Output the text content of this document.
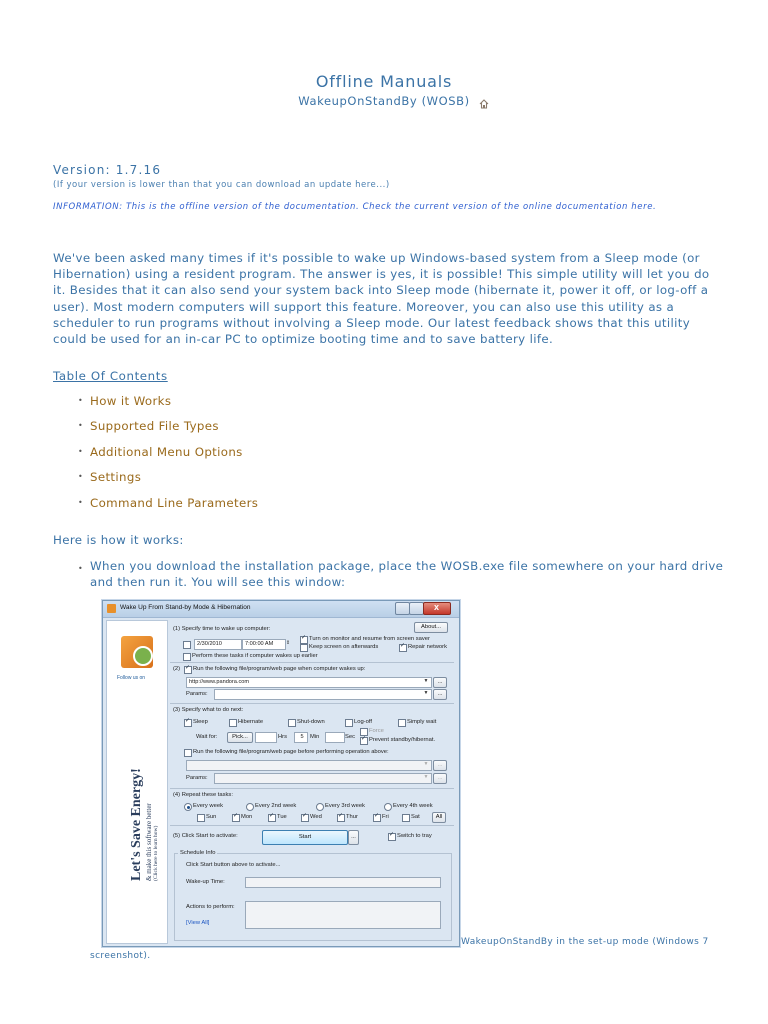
Offline Manuals
WakeupOnStandBy (WOSB)
Version: 1.7.16
(If your version is lower than that you can download an update here...)
INFORMATION: This is the offline version of the documentation. Check the current version of the online documentation here.
We've been asked many times if it's possible to wake up Windows-based system from a Sleep mode (or Hibernation) using a resident program. The answer is yes, it is possible! This simple utility will let you do it. Besides that it can also send your system back into Sleep mode (hibernate it, power it off, or log-off a user). Most modern computers will support this feature. Moreover, you can also use this utility as a scheduler to run programs without involving a Sleep mode. Our latest feedback shows that this utility could be used for an in-car PC to optimize booting time and to save battery life.
Table Of Contents
• How it Works
• Supported File Types
• Additional Menu Options
• Settings
• Command Line Parameters
Here is how it works:
• When you download the installation package, place the WOSB.exe file somewhere on your hard drive and then run it. You will see this window:
Wake Up From Stand-by Mode & Hibernation
x
Follow us on
Let's Save Energy! & make this software better (Click here to learn how)
(1) Specify time to wake up computer:	About...
2/30/2010	7:00:00 AM	⇕
✓
Turn on monitor and resume from screen saver
Keep screen on afterwards ✓	Repair network
Perform these tasks if computer wakes up earlier
(2) ✓ Run the following file/program/web page when computer wakes up:
http://www.pandora.com	▼	...
Params:	▼	...
(3) Specify what to do next:
✓
Sleep	Hibernate	Shut-down	Log-off	Simply wait
Wait for:	Pick...	Hrs	5	Min	Sec
Force
✓
Prevent standby/hibernat.
Run the following file/program/web page before performing operation above:
▼	...
Params:	▼	...
(4) Repeat these tasks:
Every week	Every 2nd week	Every 3rd week	Every 4th week
Sun ✓	Mon ✓	Tue ✓	Wed ✓	Thur ✓	Fri	Sat	All
(5) Click Start to activate:	Start	... ✓	Switch to tray
Schedule Info
Click Start button above to activate...
Wake-up Time:
Actions to perform:
[View All]
WakeupOnStandBy in the set-up mode (Windows 7
screenshot).
